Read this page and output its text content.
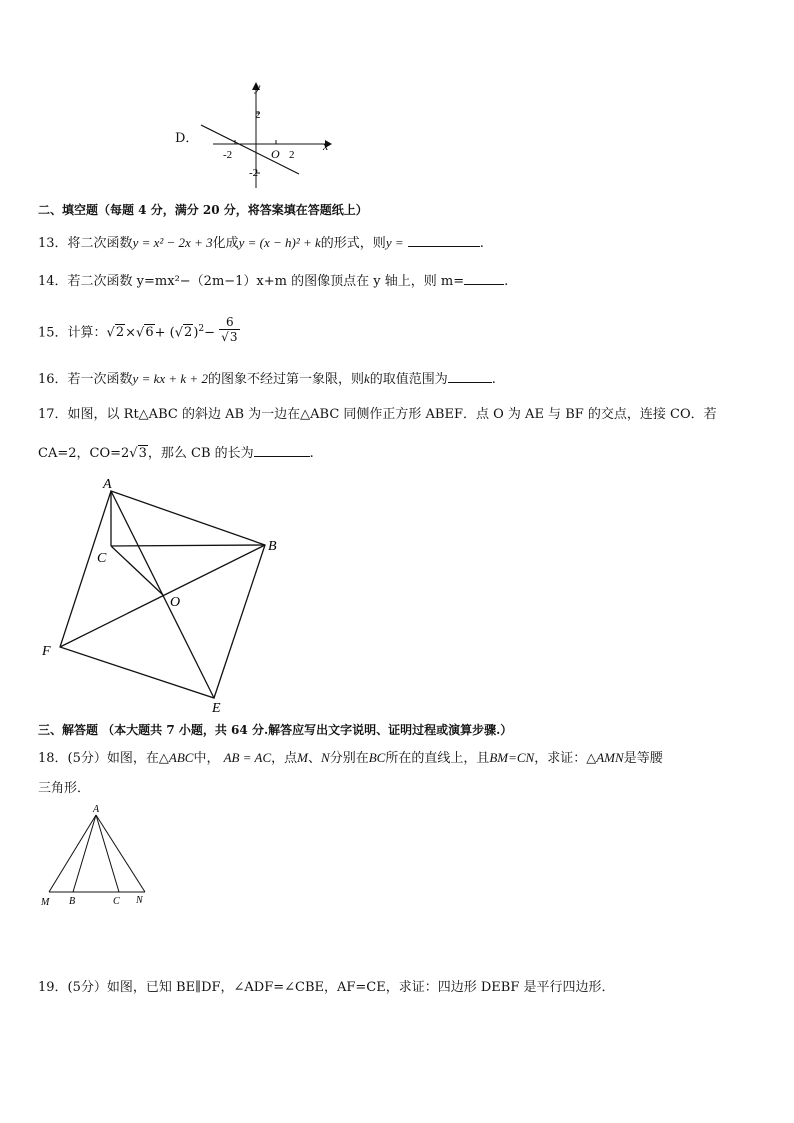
D．	x
y
O
-2	2
2
-2
二、填空题（每题 4 分，满分 20 分，将答案填在答题纸上）
13．将二次函数y = x² − 2x + 3化成y = (x − h)² + k的形式，则y =	.
14．若二次函数 y=mx²−（2m−1）x+m 的图像顶点在 y 轴上，则 m=	.
15．计算：$√2\times√6+ (√2)^2- \frac{6}{√3}$
16．若一次函数y = kx + k + 2的图象不经过第一象限，则k的取值范围为	.
17．如图，以 Rt△ABC 的斜边 AB 为一边在△ABC 同侧作正方形 ABEF．点 O 为 AE 与 BF 的交点，连接 CO．若
CA=2，CO=2√3，那么 CB 的长为	.
A
B
C
O
E
F
三、解答题 （本大题共 7 小题，共 64 分.解答应写出文字说明、证明过程或演算步骤.）
18．(5分）如图，在△ABC中， AB = AC，点M、N分别在BC所在的直线上，且BM=CN，求证：△AMN是等腰
三角形．
A
M B	C N
19．(5分）如图，已知 BE∥DF，∠ADF=∠CBE，AF=CE，求证：四边形 DEBF 是平行四边形．
